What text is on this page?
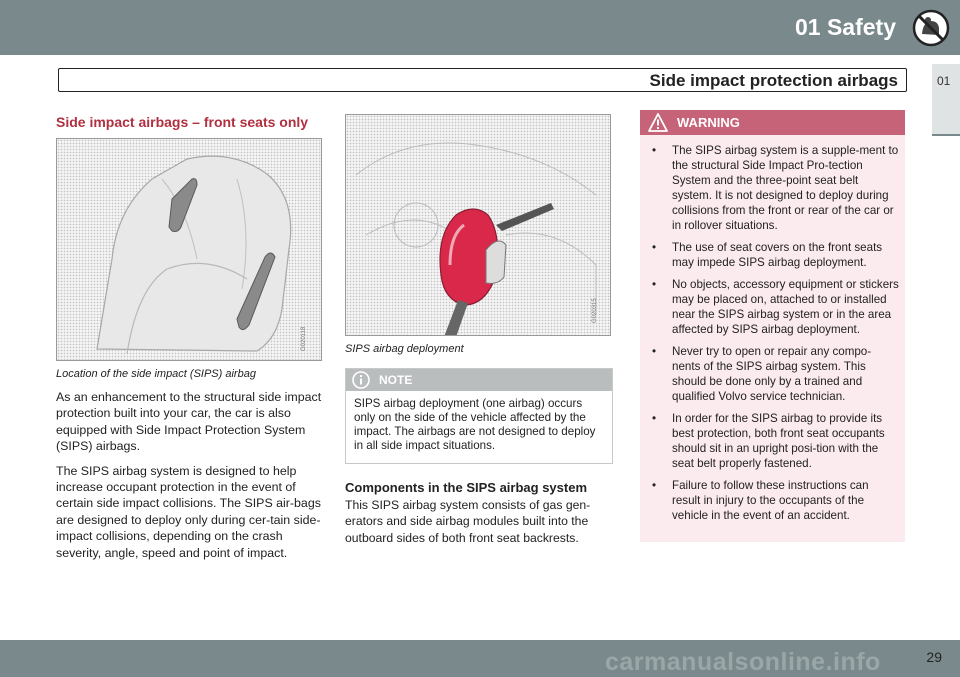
01 Safety
01
Side impact protection airbags
Side impact airbags – front seats only
G020118
Location of the side impact (SIPS) airbag

As an enhancement to the structural side impact protection built into your car, the car is also equipped with Side Impact Protection System (SIPS) airbags.

The SIPS airbag system is designed to help increase occupant protection in the event of certain side impact collisions. The SIPS air-bags are designed to deploy only during cer-tain side-impact collisions, depending on the crash severity, angle, speed and point of impact.

G020315
SIPS airbag deployment
NOTE
SIPS airbag deployment (one airbag) occurs only on the side of the vehicle affected by the impact. The airbags are not designed to deploy in all side impact situations.
Components in the SIPS airbag system

This SIPS airbag system consists of gas gen-erators and side airbag modules built into the outboard sides of both front seat backrests.

WARNING
• The SIPS airbag system is a supple-ment to the structural Side Impact Pro-tection System and the three-point seat belt system. It is not designed to deploy during collisions from the front or rear of the car or in rollover situations.
• The use of seat covers on the front seats may impede SIPS airbag deployment.
• No objects, accessory equipment or stickers may be placed on, attached to or installed near the SIPS airbag system or in the area affected by SIPS airbag deployment.
• Never try to open or repair any compo-nents of the SIPS airbag system. This should be done only by a trained and qualified Volvo service technician.
• In order for the SIPS airbag to provide its best protection, both front seat occupants should sit in an upright posi-tion with the seat belt properly fastened.
• Failure to follow these instructions can result in injury to the occupants of the vehicle in the event of an accident.
carmanualsonline.info	29
